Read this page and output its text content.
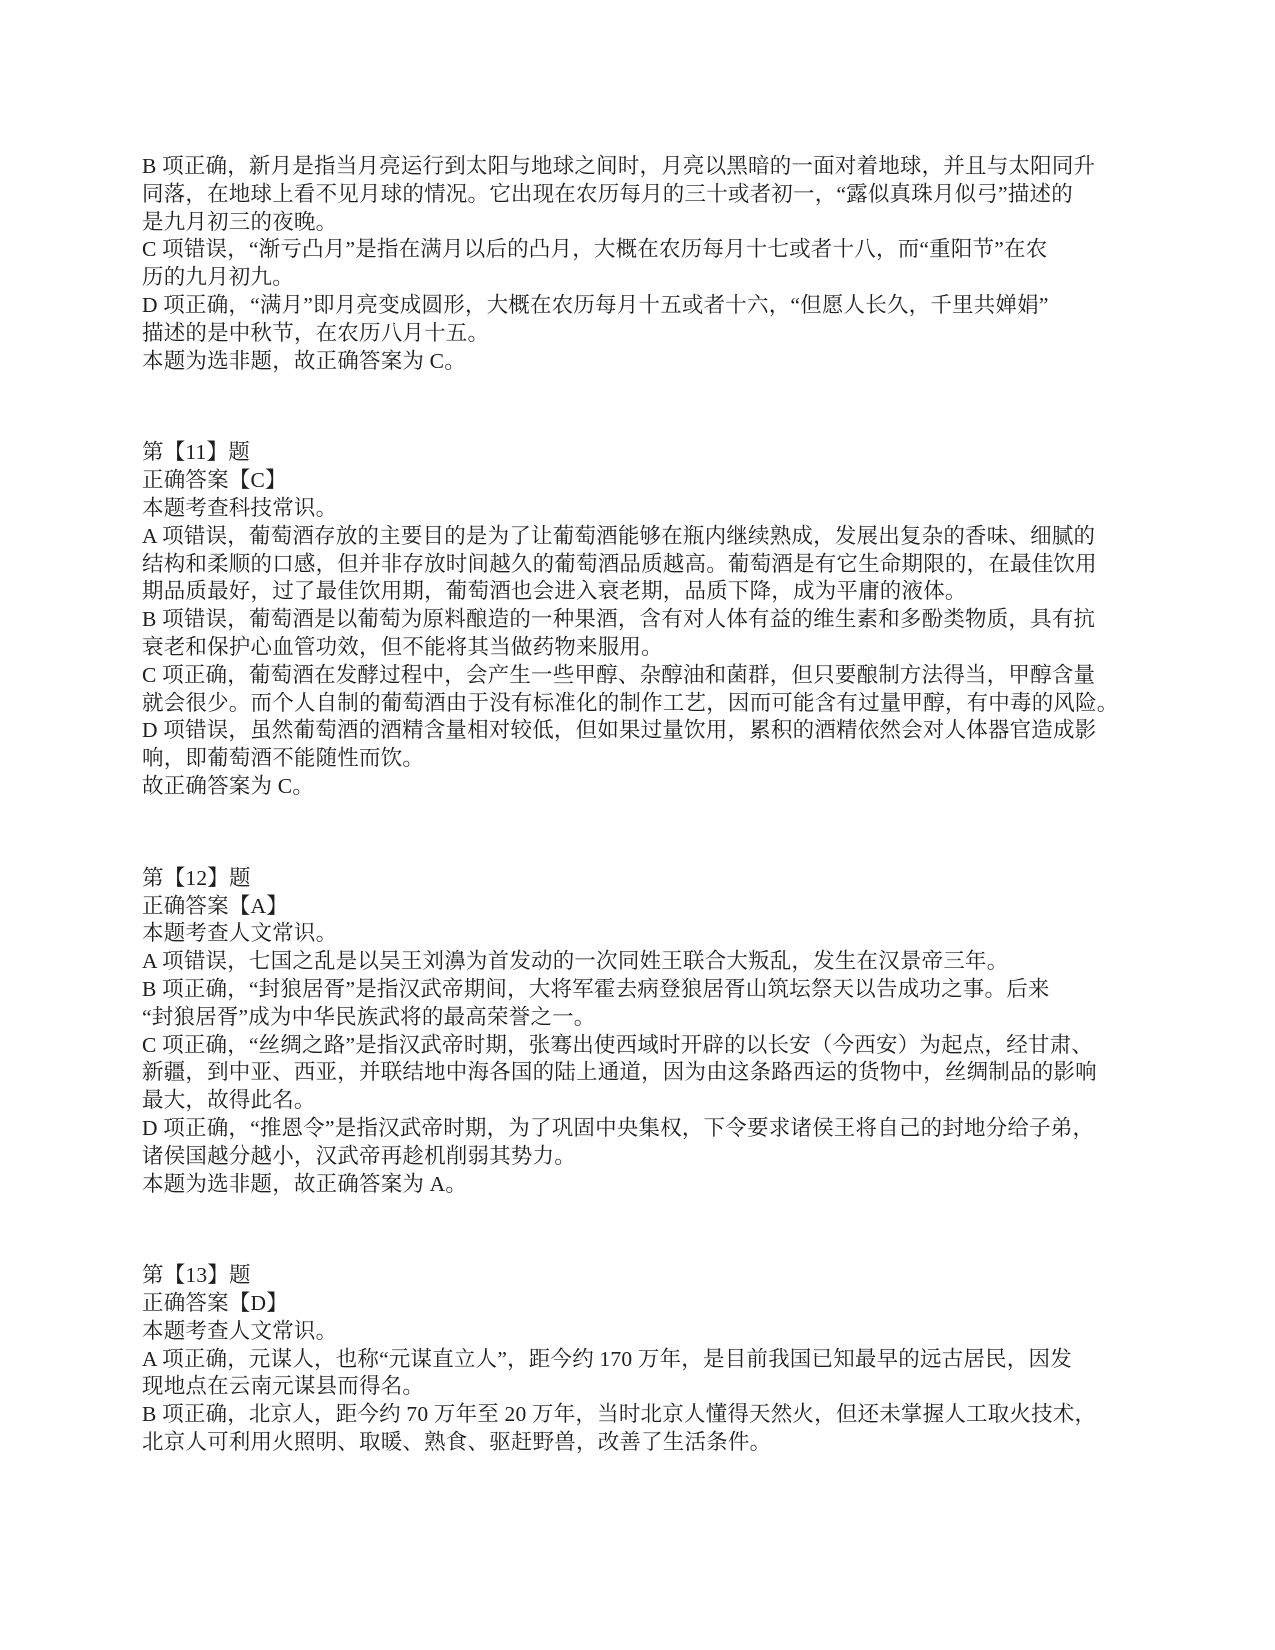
B 项正确，新月是指当月亮运行到太阳与地球之间时，月亮以黑暗的一面对着地球，并且与太阳同升
同落，在地球上看不见月球的情况。它出现在农历每月的三十或者初一，“露似真珠月似弓”描述的
是九月初三的夜晚。
C 项错误，“渐亏凸月”是指在满月以后的凸月，大概在农历每月十七或者十八，而“重阳节”在农
历的九月初九。
D 项正确，“满月”即月亮变成圆形，大概在农历每月十五或者十六，“但愿人长久，千里共婵娟”
描述的是中秋节，在农历八月十五。
本题为选非题，故正确答案为 C。
第【11】题
正确答案【C】
本题考查科技常识。
A 项错误，葡萄酒存放的主要目的是为了让葡萄酒能够在瓶内继续熟成，发展出复杂的香味、细腻的
结构和柔顺的口感，但并非存放时间越久的葡萄酒品质越高。葡萄酒是有它生命期限的，在最佳饮用
期品质最好，过了最佳饮用期，葡萄酒也会进入衰老期，品质下降，成为平庸的液体。
B 项错误，葡萄酒是以葡萄为原料酿造的一种果酒，含有对人体有益的维生素和多酚类物质，具有抗
衰老和保护心血管功效，但不能将其当做药物来服用。
C 项正确，葡萄酒在发酵过程中，会产生一些甲醇、杂醇油和菌群，但只要酿制方法得当，甲醇含量
就会很少。而个人自制的葡萄酒由于没有标准化的制作工艺，因而可能含有过量甲醇，有中毒的风险。
D 项错误，虽然葡萄酒的酒精含量相对较低，但如果过量饮用，累积的酒精依然会对人体器官造成影
响，即葡萄酒不能随性而饮。
故正确答案为 C。
第【12】题
正确答案【A】
本题考查人文常识。
A 项错误，七国之乱是以吴王刘濞为首发动的一次同姓王联合大叛乱，发生在汉景帝三年。
B 项正确，“封狼居胥”是指汉武帝期间，大将军霍去病登狼居胥山筑坛祭天以告成功之事。后来
“封狼居胥”成为中华民族武将的最高荣誉之一。
C 项正确，“丝绸之路”是指汉武帝时期，张骞出使西域时开辟的以长安（今西安）为起点，经甘肃、
新疆，到中亚、西亚，并联结地中海各国的陆上通道，因为由这条路西运的货物中，丝绸制品的影响
最大，故得此名。
D 项正确，“推恩令”是指汉武帝时期，为了巩固中央集权，下令要求诸侯王将自己的封地分给子弟，
诸侯国越分越小，汉武帝再趁机削弱其势力。
本题为选非题，故正确答案为 A。
第【13】题
正确答案【D】
本题考查人文常识。
A 项正确，元谋人，也称“元谋直立人”，距今约 170 万年，是目前我国已知最早的远古居民，因发
现地点在云南元谋县而得名。
B 项正确，北京人，距今约 70 万年至 20 万年，当时北京人懂得天然火，但还未掌握人工取火技术，
北京人可利用火照明、取暖、熟食、驱赶野兽，改善了生活条件。
